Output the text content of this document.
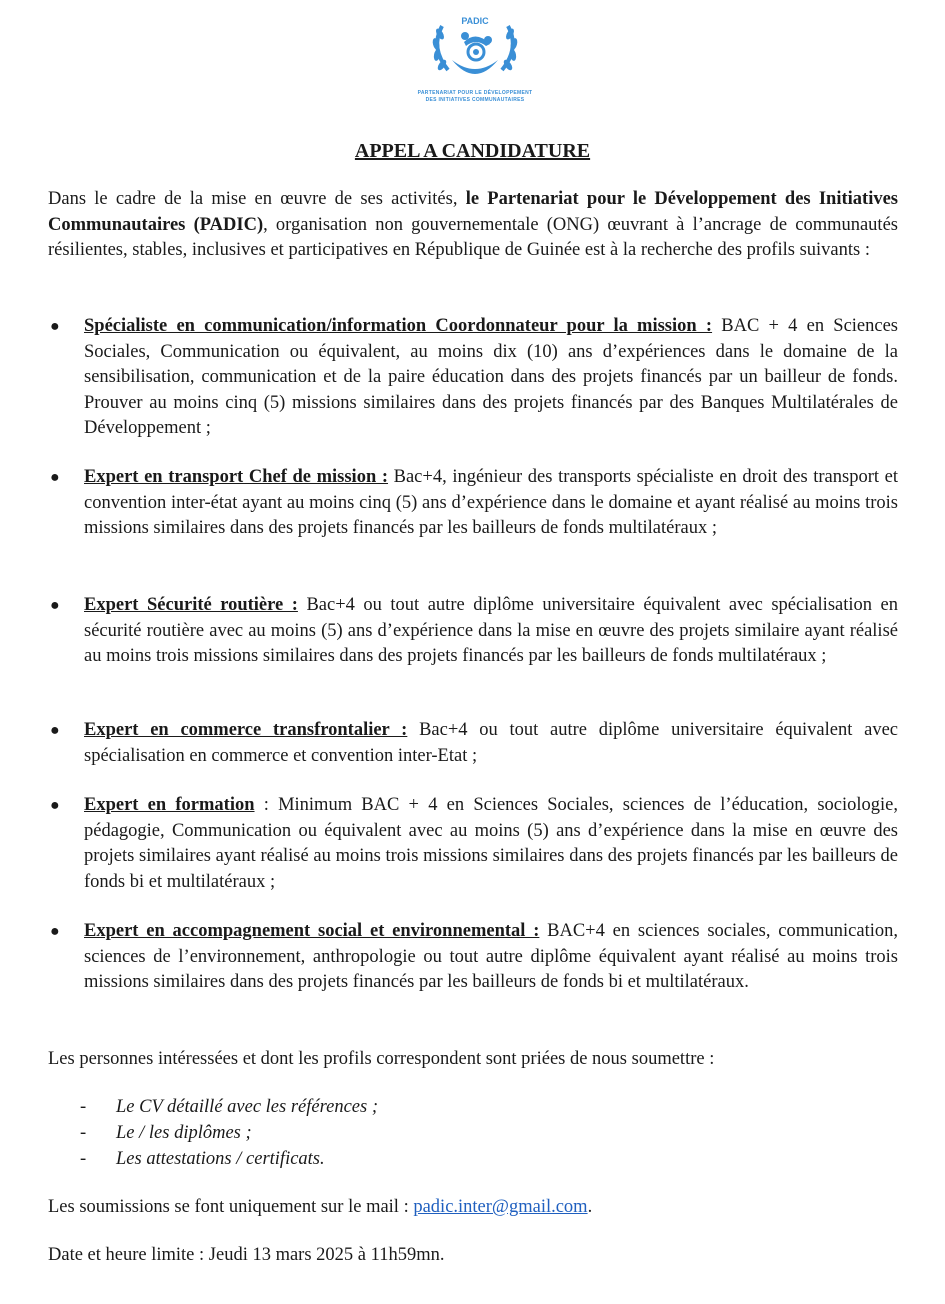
PADIC
PARTENARIAT POUR LE DÉVELOPPEMENT
DES INITIATIVES COMMUNAUTAIRES
APPEL A CANDIDATURE
Dans le cadre de la mise en œuvre de ses activités, le Partenariat pour le Développement des Initiatives Communautaires (PADIC), organisation non gouvernementale (ONG) œuvrant à l’ancrage de communautés résilientes, stables, inclusives et participatives en République de Guinée est à la recherche des profils suivants :
●	Spécialiste en communication/information Coordonnateur pour la mission : BAC + 4 en Sciences Sociales, Communication ou équivalent, au moins dix (10) ans d’expériences dans le domaine de la sensibilisation, communication et de la paire éducation dans des projets financés par un bailleur de fonds. Prouver au moins cinq (5) missions similaires dans des projets financés par des Banques Multilatérales de Développement ;
●	Expert en transport Chef de mission : Bac+4, ingénieur des transports spécialiste en droit des transport et convention inter-état ayant au moins cinq (5) ans d’expérience dans le domaine et ayant réalisé au moins trois missions similaires dans des projets financés par les bailleurs de fonds multilatéraux ;
●	Expert Sécurité routière : Bac+4 ou tout autre diplôme universitaire équivalent avec spécialisation en sécurité routière avec au moins (5) ans d’expérience dans la mise en œuvre des projets similaire ayant réalisé au moins trois missions similaires dans des projets financés par les bailleurs de fonds multilatéraux ;
●	Expert en commerce transfrontalier : Bac+4 ou tout autre diplôme universitaire équivalent avec spécialisation en commerce et convention inter-Etat ;
●	Expert en formation : Minimum BAC + 4 en Sciences Sociales, sciences de l’éducation, sociologie, pédagogie, Communication ou équivalent avec au moins (5) ans d’expérience dans la mise en œuvre des projets similaires ayant réalisé au moins trois missions similaires dans des projets financés par les bailleurs de fonds bi et multilatéraux ;
●	Expert en accompagnement social et environnemental : BAC+4 en sciences sociales, communication, sciences de l’environnement, anthropologie ou tout autre diplôme équivalent ayant réalisé au moins trois missions similaires dans des projets financés par les bailleurs de fonds bi et multilatéraux.
Les personnes intéressées et dont les profils correspondent sont priées de nous soumettre :
- Le CV détaillé avec les références ;
- Le / les diplômes ;
- Les attestations / certificats.
Les soumissions se font uniquement sur le mail : padic.inter@gmail.com.
Date et heure limite : Jeudi 13 mars 2025 à 11h59mn.
